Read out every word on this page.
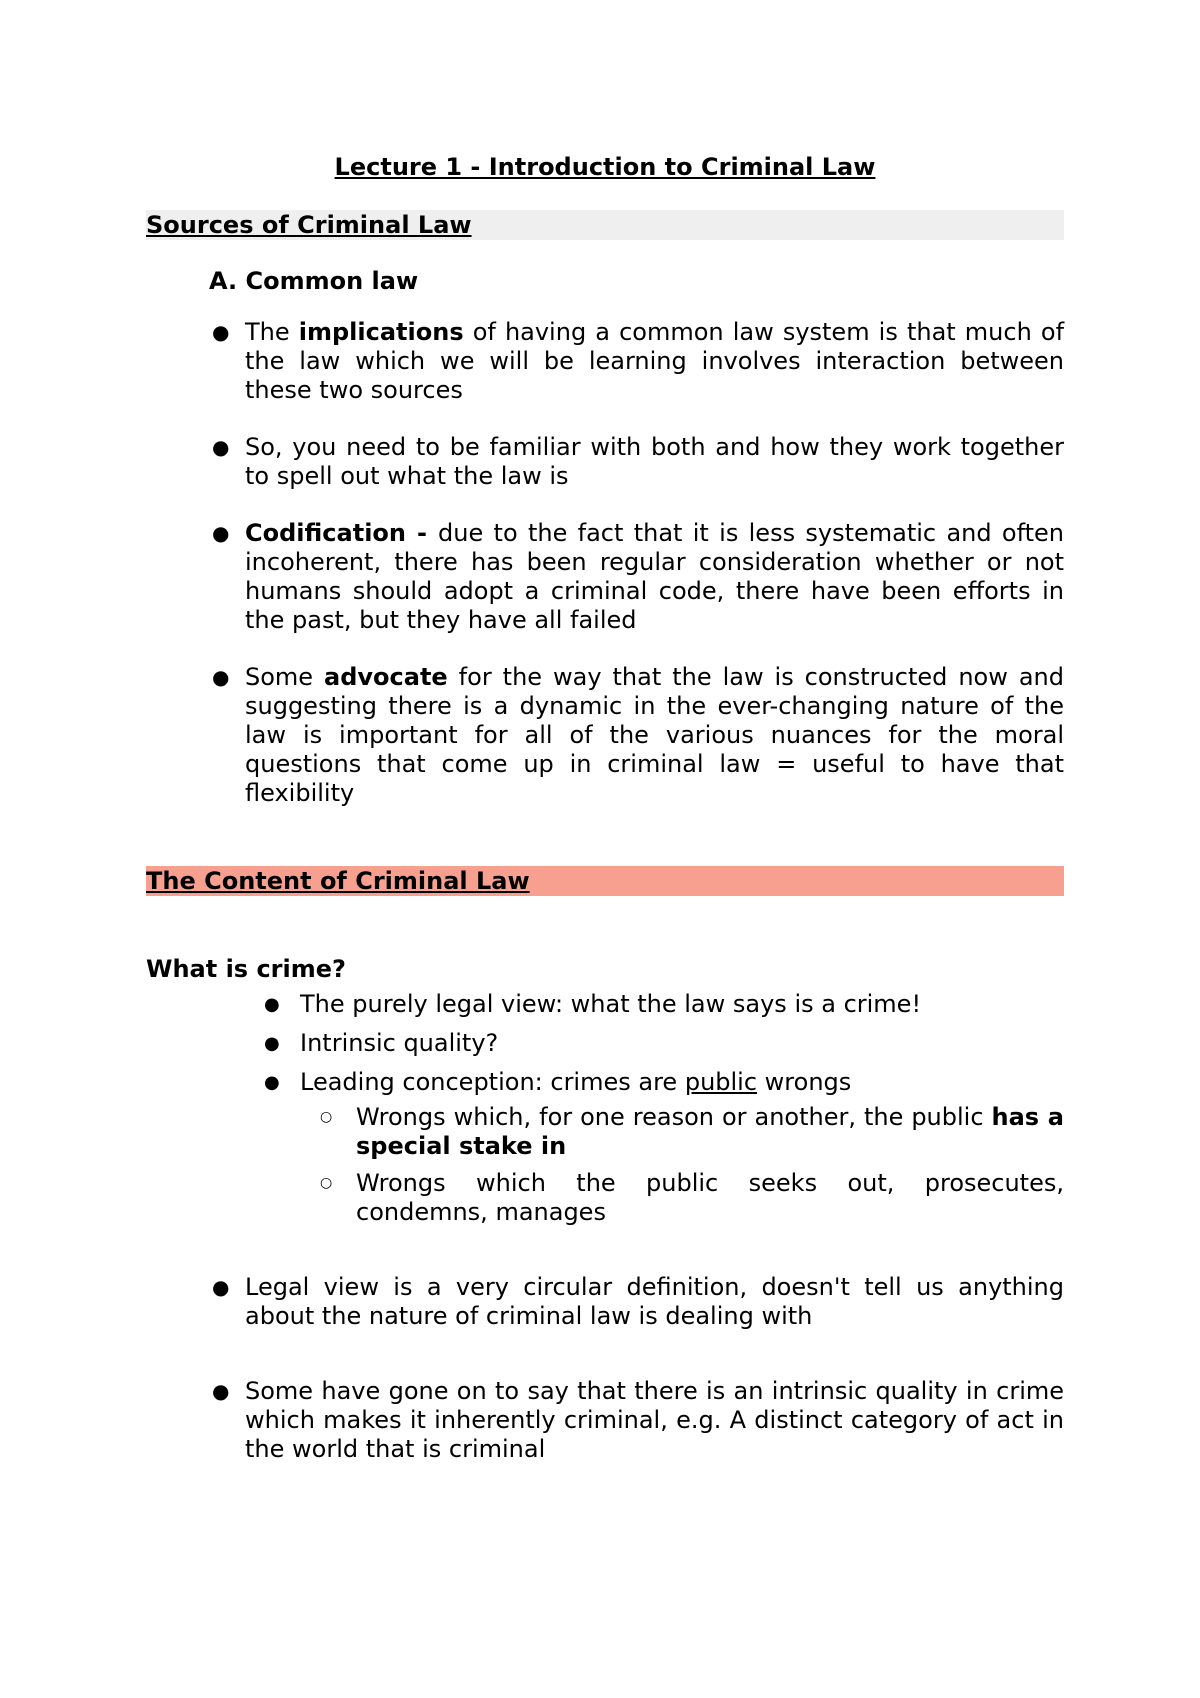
Lecture 1 - Introduction to Criminal Law
Sources of Criminal Law
A. Common law
● The implications of having a common law system is that much of the law which we will be learning involves interaction between these two sources
● So, you need to be familiar with both and how they work together to spell out what the law is
● Codification - due to the fact that it is less systematic and often incoherent, there has been regular consideration whether or not humans should adopt a criminal code, there have been efforts in the past, but they have all failed
● Some advocate for the way that the law is constructed now and suggesting there is a dynamic in the ever-changing nature of the law is important for all of the various nuances for the moral questions that come up in criminal law = useful to have that flexibility
The Content of Criminal Law
What is crime?
● The purely legal view: what the law says is a crime!
● Intrinsic quality?
● Leading conception: crimes are public wrongs
○ Wrongs which, for one reason or another, the public has a special stake in
○ Wrongs which the public seeks out, prosecutes, condemns, manages
● Legal view is a very circular definition, doesn't tell us anything about the nature of criminal law is dealing with
● Some have gone on to say that there is an intrinsic quality in crime which makes it inherently criminal, e.g. A distinct category of act in the world that is criminal
